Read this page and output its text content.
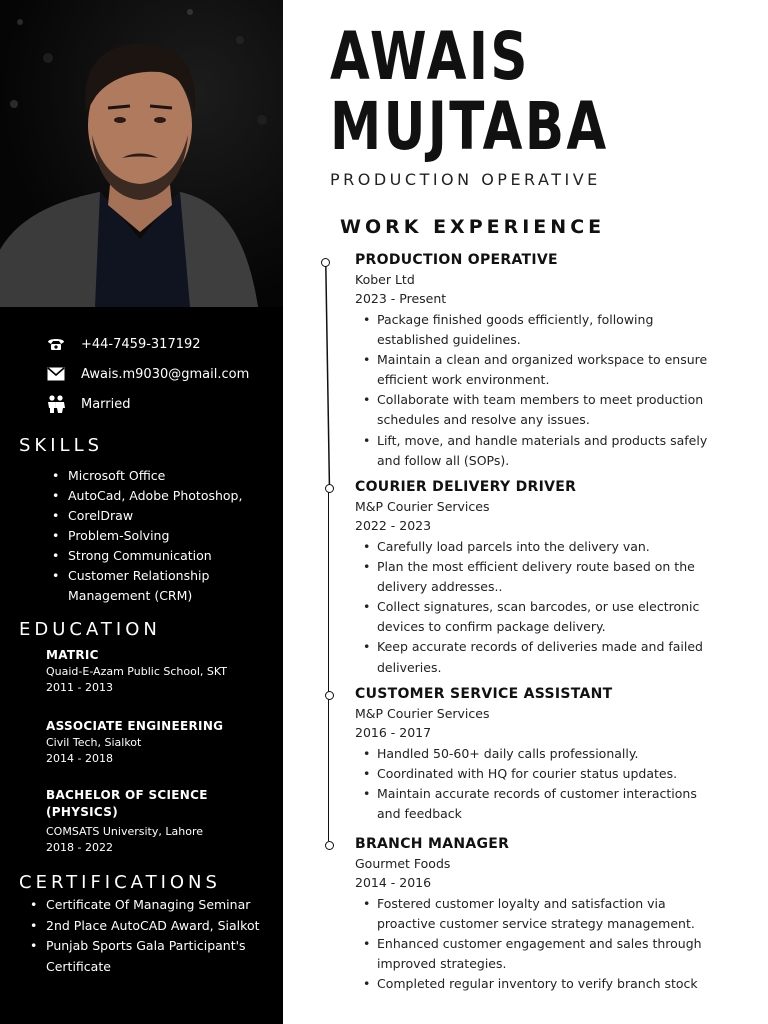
+44-7459-317192
Awais.m9030@gmail.com
Married
SKILLS
• Microsoft Office
• AutoCad, Adobe Photoshop,
• CorelDraw
• Problem-Solving
• Strong Communication
• Customer Relationship Management (CRM)
EDUCATION
MATRIC
Quaid-E-Azam Public School, SKT
2011 - 2013
ASSOCIATE ENGINEERING
Civil Tech, Sialkot
2014 - 2018
BACHELOR OF SCIENCE (PHYSICS)
COMSATS University, Lahore
2018 - 2022
CERTIFICATIONS
• Certificate Of Managing Seminar
• 2nd Place AutoCAD Award, Sialkot
• Punjab Sports Gala Participant's Certificate
AWAIS
MUJTABA
PRODUCTION OPERATIVE
WORK EXPERIENCE
PRODUCTION OPERATIVE
Kober Ltd
2023 - Present
• Package finished goods efficiently, following established guidelines.
• Maintain a clean and organized workspace to ensure efficient work environment.
• Collaborate with team members to meet production schedules and resolve any issues.
• Lift, move, and handle materials and products safely and follow all (SOPs).
COURIER DELIVERY DRIVER
M&P Courier Services
2022 - 2023
• Carefully load parcels into the delivery van.
• Plan the most efficient delivery route based on the delivery addresses..
• Collect signatures, scan barcodes, or use electronic devices to confirm package delivery.
• Keep accurate records of deliveries made and failed deliveries.
CUSTOMER SERVICE ASSISTANT
M&P Courier Services
2016 - 2017
• Handled 50-60+ daily calls professionally.
• Coordinated with HQ for courier status updates.
• Maintain accurate records of customer interactions and feedback
BRANCH MANAGER
Gourmet Foods
2014 - 2016
• Fostered customer loyalty and satisfaction via proactive customer service strategy management.
• Enhanced customer engagement and sales through improved strategies.
• Completed regular inventory to verify branch stock
